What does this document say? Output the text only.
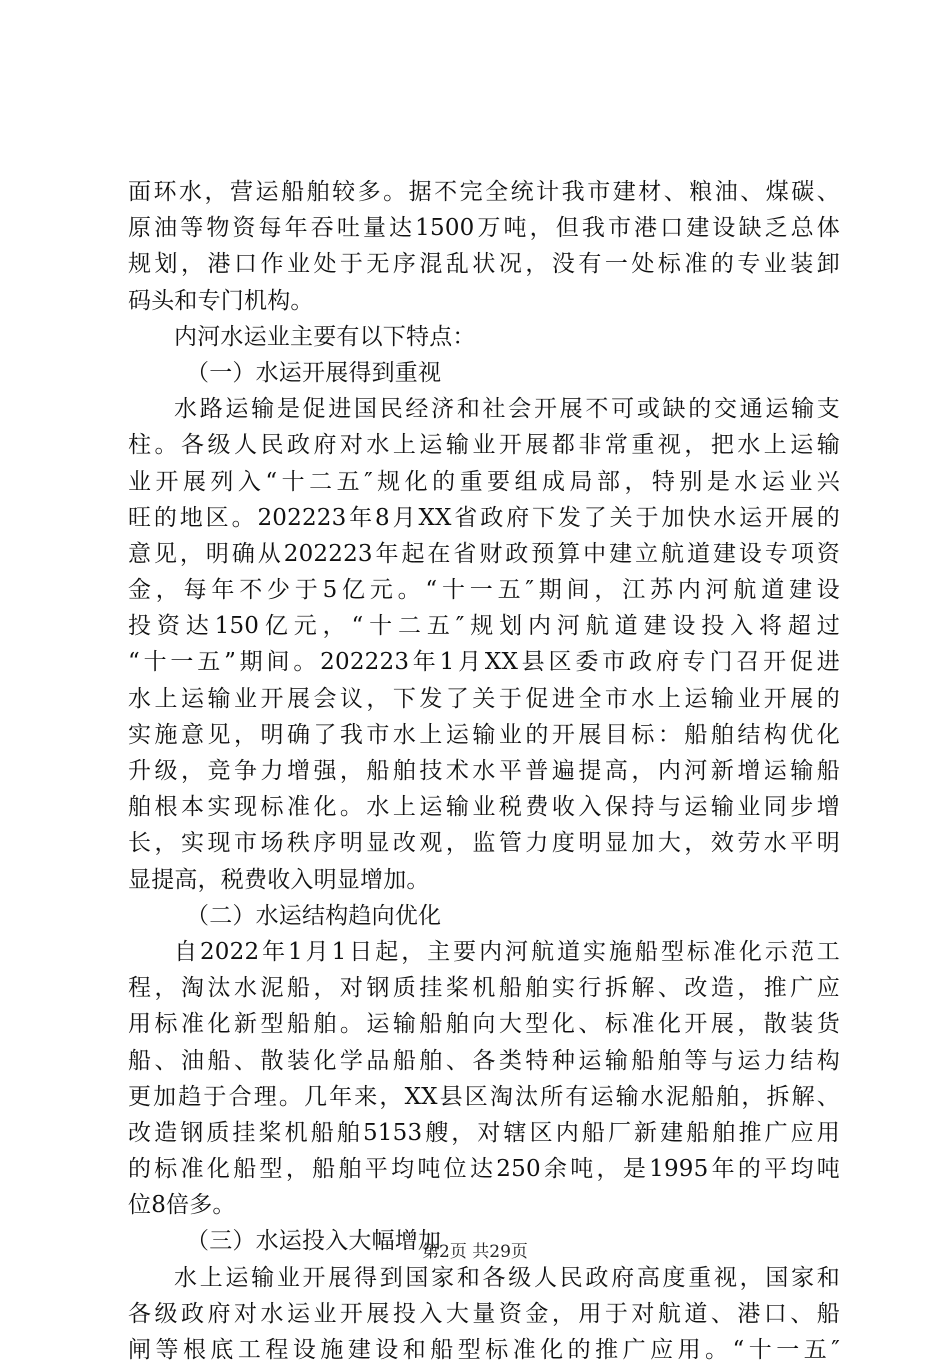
面环水，营运船舶较多。据不完全统计我市建材、粮油、煤碳、
原油等物资每年吞吐量达1500万吨，但我市港口建设缺乏总体
规划，港口作业处于无序混乱状况，没有一处标准的专业装卸
码头和专门机构。
内河水运业主要有以下特点：
（一）水运开展得到重视
水路运输是促进国民经济和社会开展不可或缺的交通运输支
柱。各级人民政府对水上运输业开展都非常重视，把水上运输
业开展列入“十二五″规化的重要组成局部，特别是水运业兴
旺的地区。202223年8月XX省政府下发了关于加快水运开展的
意见，明确从202223年起在省财政预算中建立航道建设专项资
金，每年不少于5亿元。“十一五″期间，江苏内河航道建设
投资达150亿元，“十二五″规划内河航道建设投入将超过
“十一五”期间。202223年1月XX县区委市政府专门召开促进
水上运输业开展会议，下发了关于促进全市水上运输业开展的
实施意见，明确了我市水上运输业的开展目标：船舶结构优化
升级，竞争力增强，船舶技术水平普遍提高，内河新增运输船
舶根本实现标准化。水上运输业税费收入保持与运输业同步增
长，实现市场秩序明显改观，监管力度明显加大，效劳水平明
显提高，税费收入明显增加。
（二）水运结构趋向优化
自2022年1月1日起，主要内河航道实施船型标准化示范工
程，淘汰水泥船，对钢质挂桨机船舶实行拆解、改造，推广应
用标准化新型船舶。运输船舶向大型化、标准化开展，散装货
船、油船、散装化学品船舶、各类特种运输船舶等与运力结构
更加趋于合理。几年来，XX县区淘汰所有运输水泥船舶，拆解、
改造钢质挂桨机船舶5153艘，对辖区内船厂新建船舶推广应用
的标准化船型，船舶平均吨位达250余吨，是1995年的平均吨
位8倍多。
（三）水运投入大幅增加
水上运输业开展得到国家和各级人民政府高度重视，国家和
各级政府对水运业开展投入大量资金，用于对航道、港口、船
闸等根底工程设施建设和船型标准化的推广应用。“十一五″
第2页 共29页
